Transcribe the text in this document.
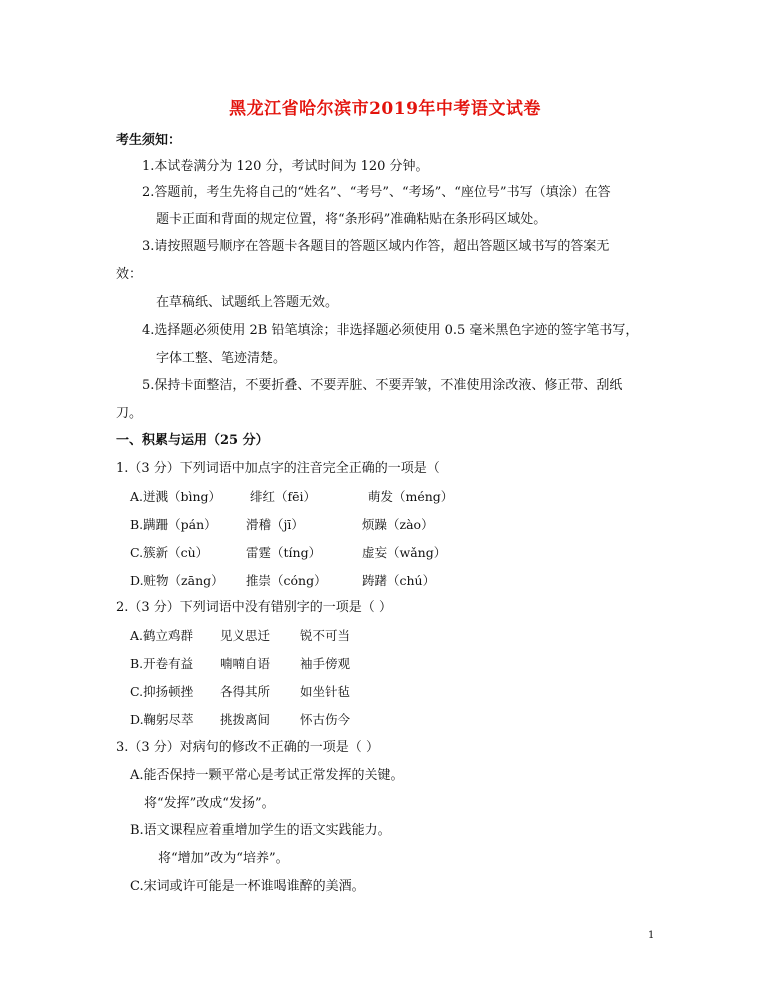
黑龙江省哈尔滨市2019年中考语文试卷
考生须知：
1.本试卷满分为 120 分，考试时间为 120 分钟。
2.答题前，考生先将自己的“姓名”、“考号”、“考场”、“座位号”书写（填涂）在答
题卡正面和背面的规定位置，将“条形码”准确粘贴在条形码区域处。
3.请按照题号顺序在答题卡各题目的答题区域内作答，超出答题区域书写的答案无
效：
在草稿纸、试题纸上答题无效。
4.选择题必须使用 2B 铅笔填涂；非选择题必须使用 0.5 毫米黑色字迹的签字笔书写，
字体工整、笔迹清楚。
5.保持卡面整洁，不要折叠、不要弄脏、不要弄皱，不准使用涂改液、修正带、刮纸
刀。
一、积累与运用（25 分）
1.（3 分）下列词语中加点字的注音完全正确的一项是（
A.迸溅（bìng） 绯红（fēi）	萌发（méng）
B.蹒跚（pán） 滑稽（jī）	烦躁（zào）
C.簇新（cù）	雷霆（tíng）	虚妄（wǎng）
D.赃物（zāng） 推崇（cóng）	踌躇（chú）
2.（3 分）下列词语中没有错别字的一项是（ ）
A.鹤立鸡群 见义思迁 锐不可当
B.开卷有益 喃喃自语 袖手傍观
C.抑扬顿挫 各得其所 如坐针毡
D.鞠躬尽萃 挑拨离间 怀古伤今
3.（3 分）对病句的修改不正确的一项是（ ）
A.能否保持一颗平常心是考试正常发挥的关键。
将“发挥”改成“发扬”。
B.语文课程应着重增加学生的语文实践能力。
将“增加”改为“培养”。
C.宋词或许可能是一杯谁喝谁醉的美酒。
1
